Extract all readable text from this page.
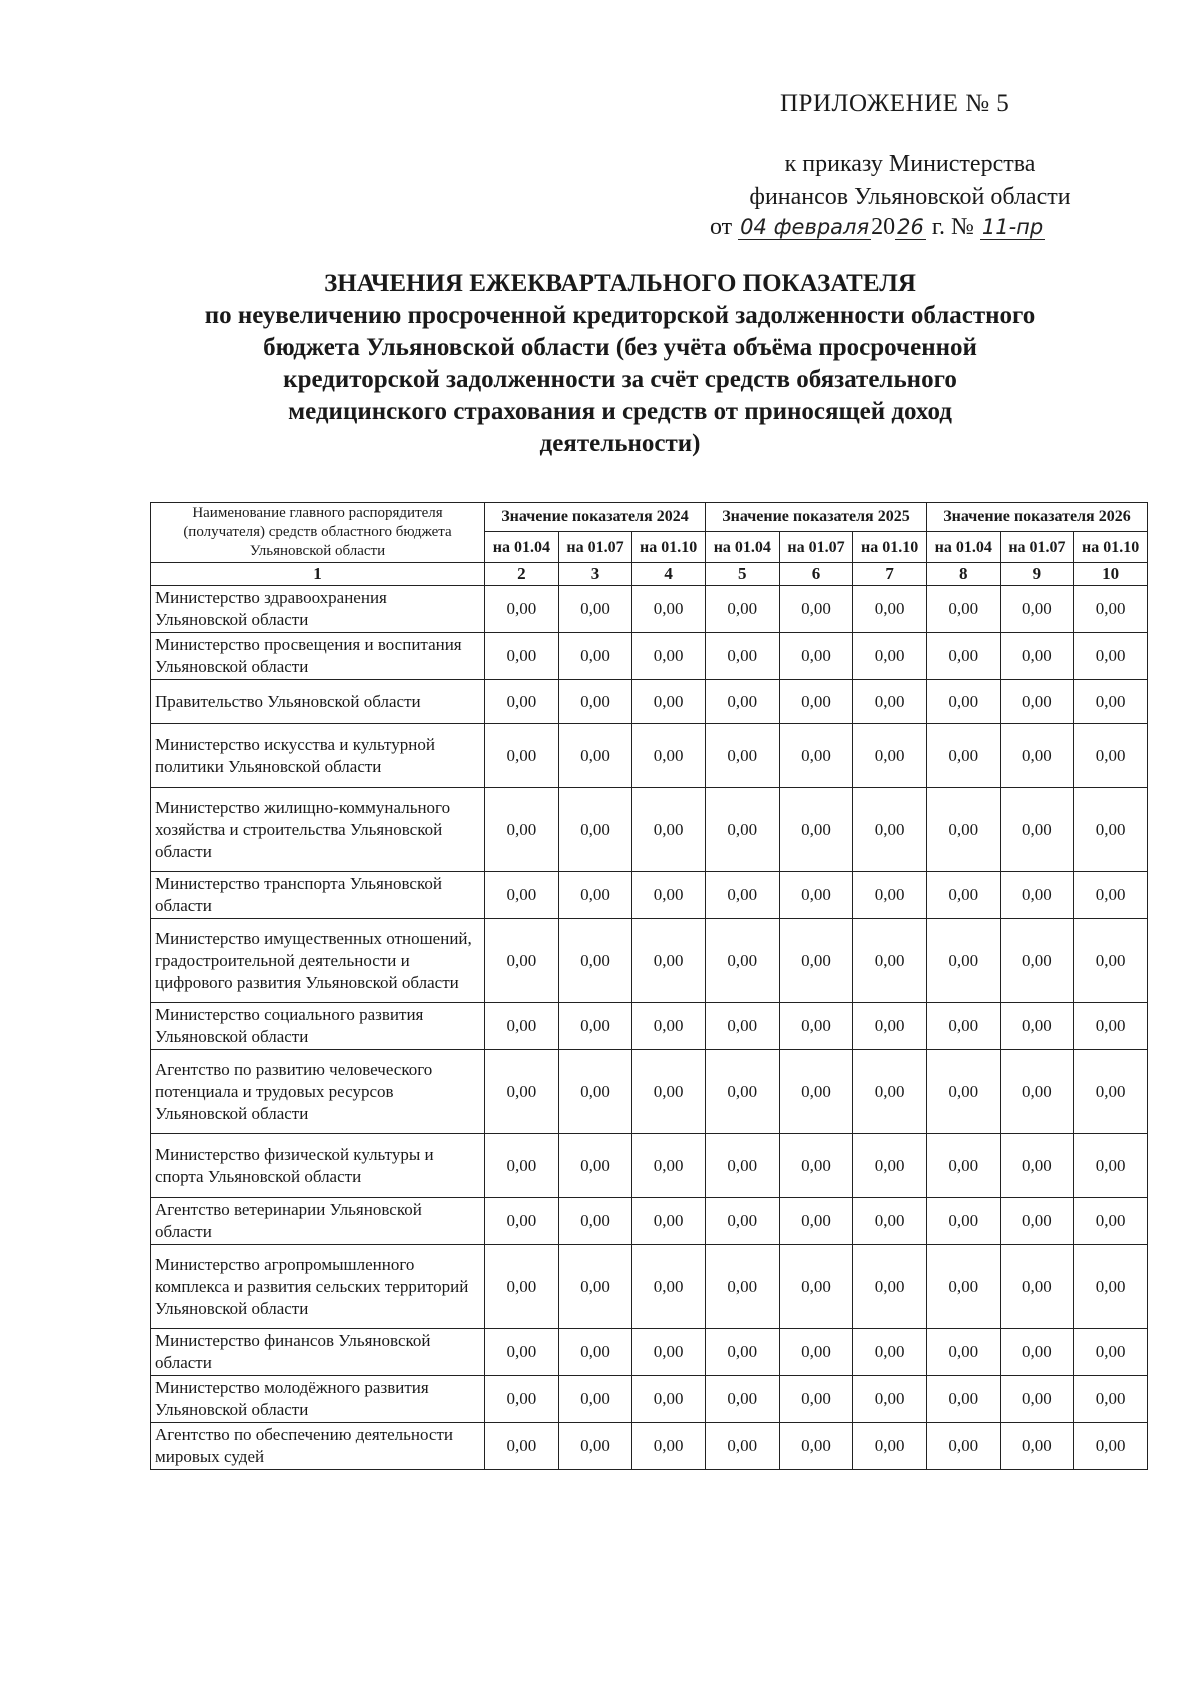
ПРИЛОЖЕНИЕ № 5
к приказу Министерства
финансов Ульяновской области
от 04 февраля2026 г. № 11-пр
ЗНАЧЕНИЯ ЕЖЕКВАРТАЛЬНОГО ПОКАЗАТЕЛЯ
по неувеличению просроченной кредиторской задолженности областного
бюджета Ульяновской области (без учёта объёма просроченной
кредиторской задолженности за счёт средств обязательного
медицинского страхования и средств от приносящей доход
деятельности)
Наименование главного распорядителя (получателя) средств областного бюджета Ульяновской области	Значение показателя 2024			Значение показателя 2025			Значение показателя 2026		
	на 01.04	на 01.07	на 01.10	на 01.04	на 01.07	на 01.10	на 01.04	на 01.07	на 01.10
1	2	3	4	5	6	7	8	9	10
Министерство здравоохранения Ульяновской области	0,00	0,00	0,00	0,00	0,00	0,00	0,00	0,00	0,00
Министерство просвещения и воспитания Ульяновской области	0,00	0,00	0,00	0,00	0,00	0,00	0,00	0,00	0,00
Правительство Ульяновской области	0,00	0,00	0,00	0,00	0,00	0,00	0,00	0,00	0,00
Министерство искусства и культурной политики Ульяновской области	0,00	0,00	0,00	0,00	0,00	0,00	0,00	0,00	0,00
Министерство жилищно-коммунального хозяйства и строительства Ульяновской области	0,00	0,00	0,00	0,00	0,00	0,00	0,00	0,00	0,00
Министерство транспорта Ульяновской области	0,00	0,00	0,00	0,00	0,00	0,00	0,00	0,00	0,00
Министерство имущественных отношений, градостроительной деятельности и цифрового развития Ульяновской области	0,00	0,00	0,00	0,00	0,00	0,00	0,00	0,00	0,00
Министерство социального развития Ульяновской области	0,00	0,00	0,00	0,00	0,00	0,00	0,00	0,00	0,00
Агентство по развитию человеческого потенциала и трудовых ресурсов Ульяновской области	0,00	0,00	0,00	0,00	0,00	0,00	0,00	0,00	0,00
Министерство физической культуры и спорта Ульяновской области	0,00	0,00	0,00	0,00	0,00	0,00	0,00	0,00	0,00
Агентство ветеринарии Ульяновской области	0,00	0,00	0,00	0,00	0,00	0,00	0,00	0,00	0,00
Министерство агропромышленного комплекса и развития сельских территорий Ульяновской области	0,00	0,00	0,00	0,00	0,00	0,00	0,00	0,00	0,00
Министерство финансов Ульяновской области	0,00	0,00	0,00	0,00	0,00	0,00	0,00	0,00	0,00
Министерство молодёжного развития Ульяновской области	0,00	0,00	0,00	0,00	0,00	0,00	0,00	0,00	0,00
Агентство по обеспечению деятельности мировых судей	0,00	0,00	0,00	0,00	0,00	0,00	0,00	0,00	0,00
